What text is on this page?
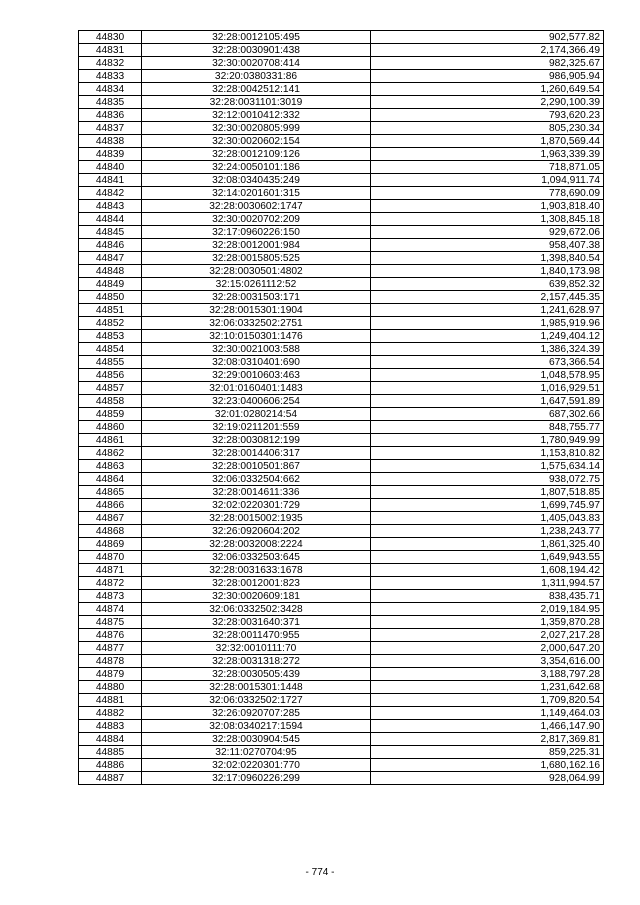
44830	32:28:0012105:495	902,577.82
44831	32:28:0030901:438	2,174,366.49
44832	32:30:0020708:414	982,325.67
44833	32:20:0380331:86	986,905.94
44834	32:28:0042512:141	1,260,649.54
44835	32:28:0031101:3019	2,290,100.39
44836	32:12:0010412:332	793,620.23
44837	32:30:0020805:999	805,230.34
44838	32:30:0020602:154	1,870,569.44
44839	32:28:0012109:126	1,963,339.39
44840	32:24:0050101:186	718,871.05
44841	32:08:0340435:249	1,094,911.74
44842	32:14:0201601:315	778,690.09
44843	32:28:0030602:1747	1,903,818.40
44844	32:30:0020702:209	1,308,845.18
44845	32:17:0960226:150	929,672.06
44846	32:28:0012001:984	958,407.38
44847	32:28:0015805:525	1,398,840.54
44848	32:28:0030501:4802	1,840,173.98
44849	32:15:0261112:52	639,852.32
44850	32:28:0031503:171	2,157,445.35
44851	32:28:0015301:1904	1,241,628.97
44852	32:06:0332502:2751	1,985,919.96
44853	32:10:0150301:1476	1,249,404.12
44854	32:30:0021003:588	1,386,324.39
44855	32:08:0310401:690	673,366.54
44856	32:29:0010603:463	1,048,578.95
44857	32:01:0160401:1483	1,016,929.51
44858	32:23:0400606:254	1,647,591.89
44859	32:01:0280214:54	687,302.66
44860	32:19:0211201:559	848,755.77
44861	32:28:0030812:199	1,780,949.99
44862	32:28:0014406:317	1,153,810.82
44863	32:28:0010501:867	1,575,634.14
44864	32:06:0332504:662	938,072.75
44865	32:28:0014611:336	1,807,518.85
44866	32:02:0220301:729	1,699,745.97
44867	32:28:0015002:1935	1,405,043.83
44868	32:26:0920604:202	1,238,243.77
44869	32:28:0032008:2224	1,861,325.40
44870	32:06:0332503:645	1,649,943.55
44871	32:28:0031633:1678	1,608,194.42
44872	32:28:0012001:823	1,311,994.57
44873	32:30:0020609:181	838,435.71
44874	32:06:0332502:3428	2,019,184.95
44875	32:28:0031640:371	1,359,870.28
44876	32:28:0011470:955	2,027,217.28
44877	32:32:0010111:70	2,000,647.20
44878	32:28:0031318:272	3,354,616.00
44879	32:28:0030505:439	3,188,797.28
44880	32:28:0015301:1448	1,231,642.68
44881	32:06:0332502:1727	1,709,820.54
44882	32:26:0920707:285	1,149,464.03
44883	32:08:0340217:1594	1,466,147.90
44884	32:28:0030904:545	2,817,369.81
44885	32:11:0270704:95	859,225.31
44886	32:02:0220301:770	1,680,162.16
44887	32:17:0960226:299	928,064.99
- 774 -
